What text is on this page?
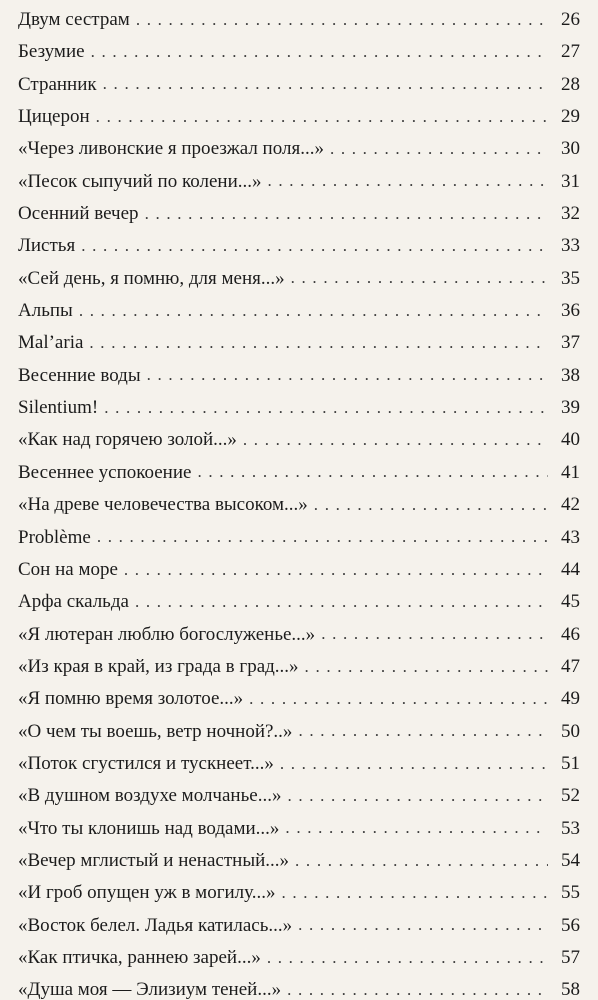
Двум сестрам . . .	26
Безумие . . .	27
Странник . . .	28
Цицерон . . .	29
«Через ливонские я проезжал поля...» . . .	30
«Песок сыпучий по колени...» . . .	31
Осенний вечер . . .	32
Листья . . .	33
«Сей день, я помню, для меня...» . . .	35
Альпы . . .	36
Mal’aria . . .	37
Весенние воды . . .	38
Silentium! . . .	39
«Как над горячею золой...» . . .	40
Весеннее успокоение . . .	41
«На древе человечества высоком...» . . .	42
Problème . . .	43
Сон на море . . .	44
Арфа скальда . . .	45
«Я лютеран люблю богослуженье...» . . .	46
«Из края в край, из града в град...» . . .	47
«Я помню время золотое...» . . .	49
«О чем ты воешь, ветр ночной?..» . . .	50
«Поток сгустился и тускнеет...» . . .	51
«В душном воздухе молчанье...» . . .	52
«Что ты клонишь над водами...» . . .	53
«Вечер мглистый и ненастный...» . . .	54
«И гроб опущен уж в могилу...» . . .	55
«Восток белел. Ладья катилась...» . . .	56
«Как птичка, раннею зарей...» . . .	57
«Душа моя — Элизиум теней...» . . .	58
